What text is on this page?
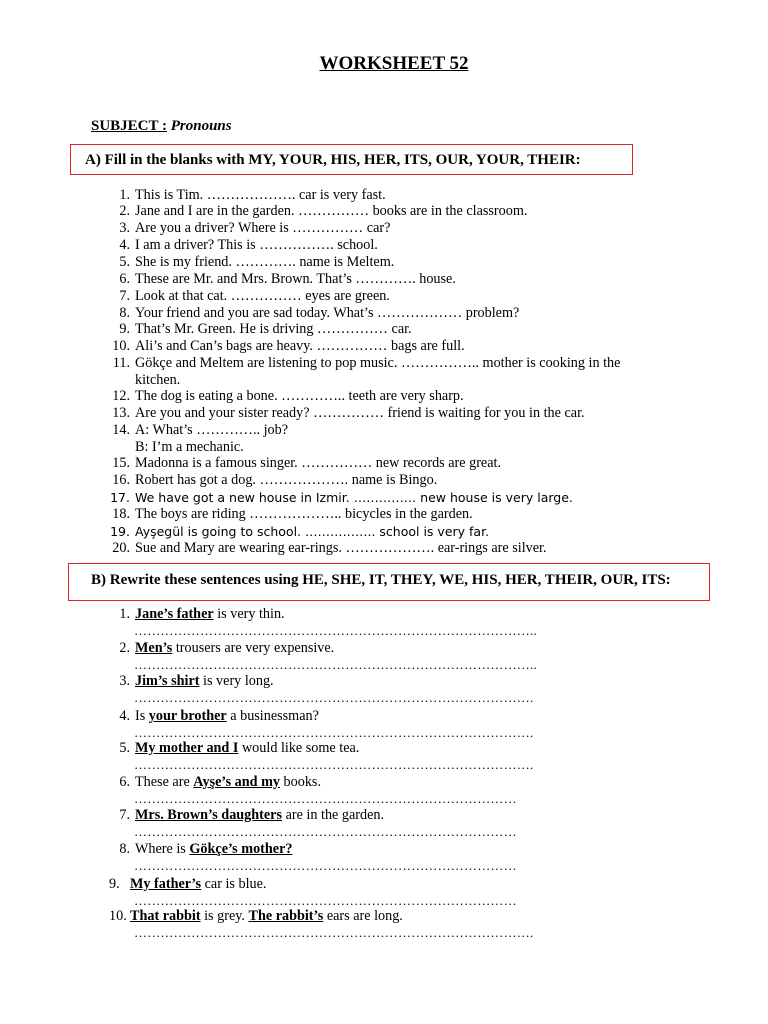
WORKSHEET 52
SUBJECT : Pronouns
A) Fill in the blanks with MY, YOUR, HIS, HER, ITS, OUR, YOUR, THEIR:
1. This is Tim. ………………. car is very fast.
2. Jane and I are in the garden. …………… books are in the classroom.
3. Are you a driver? Where is …………… car?
4. I am a driver? This is ……………. school.
5. She is my friend. …………. name is Meltem.
6. These are Mr. and Mrs. Brown. That’s …………. house.
7. Look at that cat. …………… eyes are green.
8. Your friend and you are sad today. What’s ……………… problem?
9. That’s Mr. Green. He is driving …………… car.
10. Ali’s and Can’s bags are heavy. …………… bags are full.
11. Gökçe and Meltem are listening to pop music. …………….. mother is cooking in the
kitchen.
12. The dog is eating a bone. ………….. teeth are very sharp.
13. Are you and your sister ready? …………… friend is waiting for you in the car.
14. A: What’s ………….. job?
B: I’m a mechanic.
15. Madonna is a famous singer. …………… new records are great.
16. Robert has got a dog. ………………. name is Bingo.
17. We have got a new house in Izmir. …………… new house is very large.
18. The boys are riding ……………….. bicycles in the garden.
19. Ayşegül is going to school. …………….. school is very far.
20. Sue and Mary are wearing ear-rings. ………………. ear-rings are silver.
B) Rewrite these sentences using HE, SHE, IT, THEY, WE, HIS, HER, THEIR, OUR, ITS:
1. Jane’s father is very thin.
………………………………………………………………………………..
2. Men’s trousers are very expensive.
………………………………………………………………………………..
3. Jim’s shirt is very long.
……………………………………………………………………………….
4. Is your brother a businessman?
……………………………………………………………………………….
5. My mother and I would like some tea.
……………………………………………………………………………….
6. These are Ayşe’s and my books.
……………………………………………………………………………
7. Mrs. Brown’s daughters are in the garden.
……………………………………………………………………………
8. Where is Gökçe’s mother?
……………………………………………………………………………
9. My father’s car is blue.
……………………………………………………………………………
10. That rabbit is grey. The rabbit’s ears are long.
……………………………………………………………………………….
